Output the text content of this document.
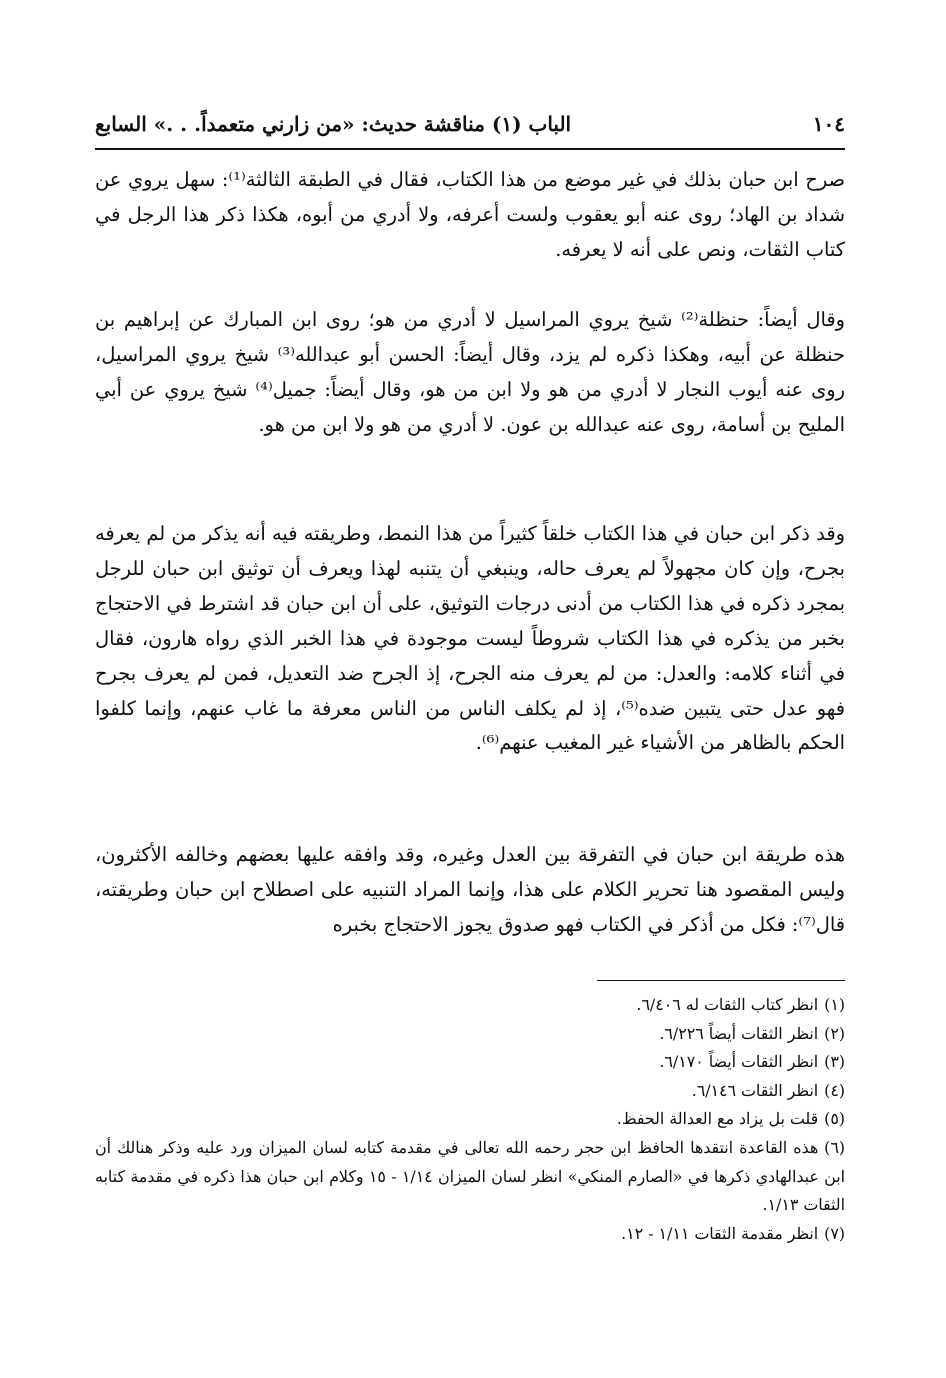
١٠٤
الباب (١) مناقشة حديث: «من زارني متعمداً. . .» السابع

صرح ابن حبان بذلك في غير موضع من هذا الكتاب، فقال في الطبقة الثالثة⁽¹⁾: سهل يروي عن شداد بن الهاد؛ روى عنه أبو يعقوب ولست أعرفه، ولا أدري من أبوه، هكذا ذكر هذا الرجل في كتاب الثقات، ونص على أنه لا يعرفه.

وقال أيضاً: حنظلة⁽²⁾ شيخ يروي المراسيل لا أدري من هو؛ روى ابن المبارك عن إبراهيم بن حنظلة عن أبيه، وهكذا ذكره لم يزد، وقال أيضاً: الحسن أبو عبدالله⁽³⁾ شيخ يروي المراسيل، روى عنه أيوب النجار لا أدري من هو ولا ابن من هو، وقال أيضاً: جميل⁽⁴⁾ شيخ يروي عن أبي المليح بن أسامة، روى عنه عبدالله بن عون. لا أدري من هو ولا ابن من هو.

وقد ذكر ابن حبان في هذا الكتاب خلقاً كثيراً من هذا النمط، وطريقته فيه أنه يذكر من لم يعرفه بجرح، وإن كان مجهولاً لم يعرف حاله، وينبغي أن يتنبه لهذا ويعرف أن توثيق ابن حبان للرجل بمجرد ذكره في هذا الكتاب من أدنى درجات التوثيق، على أن ابن حبان قد اشترط في الاحتجاج بخبر من يذكره في هذا الكتاب شروطاً ليست موجودة في هذا الخبر الذي رواه هارون، فقال في أثناء كلامه: والعدل: من لم يعرف منه الجرح، إذ الجرح ضد التعديل، فمن لم يعرف بجرح فهو عدل حتى يتبين ضده⁽⁵⁾، إذ لم يكلف الناس من الناس معرفة ما غاب عنهم، وإنما كلفوا الحكم بالظاهر من الأشياء غير المغيب عنهم⁽⁶⁾.

هذه طريقة ابن حبان في التفرقة بين العدل وغيره، وقد وافقه عليها بعضهم وخالفه الأكثرون، وليس المقصود هنا تحرير الكلام على هذا، وإنما المراد التنبيه على اصطلاح ابن حبان وطريقته، قال⁽⁷⁾: فكل من أذكر في الكتاب فهو صدوق يجوز الاحتجاج بخبره

(١)انظر كتاب الثقات له ٦/٤٠٦.

(٢)انظر الثقات أيضاً ٦/٢٢٦.

(٣)انظر الثقات أيضاً ٦/١٧٠.

(٤)انظر الثقات ٦/١٤٦.

(٥)قلت بل يزاد مع العدالة الحفظ.

(٦)هذه القاعدة انتقدها الحافظ ابن حجر رحمه الله تعالى في مقدمة كتابه لسان الميزان ورد عليه وذكر هنالك أن ابن عبدالهادي ذكرها في «الصارم المنكي» انظر لسان الميزان ١/١٤ - ١٥ وكلام ابن حبان هذا ذكره في مقدمة كتابه الثقات ١/١٣.

(٧)انظر مقدمة الثقات ١/١١ - ١٢.
